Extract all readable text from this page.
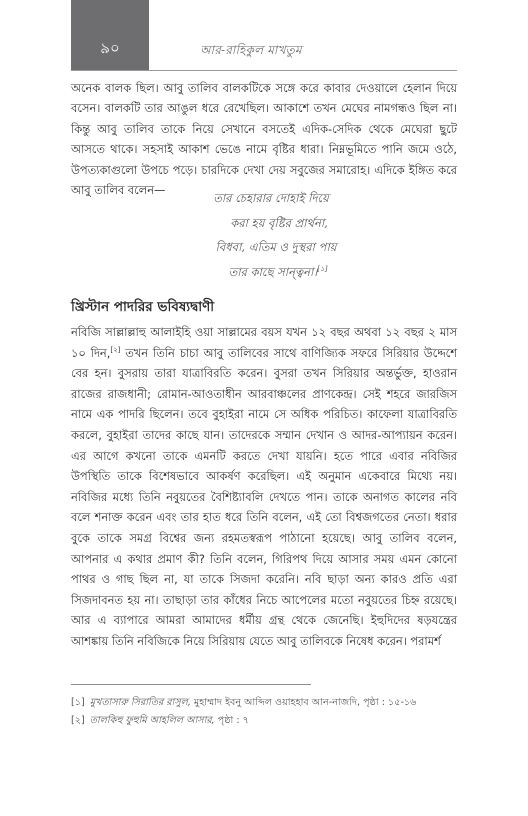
৯০	আর-রাহিকুল মাখতুম

অনেক বালক ছিল। আবু তালিব বালকটিকে সঙ্গে করে কাবার দেওয়ালে হেলান দিয়ে বসেন। বালকটি তার আঙুল ধরে রেখেছিল। আকাশে তখন মেঘের নামগন্ধও ছিল না। কিন্তু আবু তালিব তাকে নিয়ে সেখানে বসতেই এদিক-সেদিক থেকে মেঘেরা ছুটে আসতে থাকে। সহসাই আকাশ ভেঙে নামে বৃষ্টির ধারা। নিম্নভূমিতে পানি জমে ওঠে, উপত্যকাগুলো উপচে পড়ে। চারদিকে দেখা দেয় সবুজের সমারোহ। এদিকে ইঙ্গিত করে আবু তালিব বলেন—

তার চেহারার দোহাই দিয়ে
করা হয় বৃষ্টির প্রার্থনা,
বিধবা, এতিম ও দুস্থরা পায়
তার কাছে সান্ত্বনা।[১]
খ্রিস্টান পাদরির ভবিষ্যদ্বাণী

নবিজি সাল্লাল্লাহু আলাইহি ওয়া সাল্লামের বয়স যখন ১২ বছর অথবা ১২ বছর ২ মাস ১০ দিন,[২] তখন তিনি চাচা আবু তালিবের সাথে বাণিজ্যিক সফরে সিরিয়ার উদ্দেশে বের হন। বুসরায় তারা যাত্রাবিরতি করেন। বুসরা তখন সিরিয়ার অন্তর্ভুক্ত, হাওরান রাজের রাজধানী; রোমান-আওতাধীন আরবাঞ্চলের প্রাণকেন্দ্র। সেই শহরে জারজিস নামে এক পাদরি ছিলেন। তবে বুহাইরা নামে সে অধিক পরিচিত। কাফেলা যাত্রাবিরতি করলে, বুহাইরা তাদের কাছে যান। তাদেরকে সম্মান দেখান ও আদর-আপ্যায়ন করেন। এর আগে কখনো তাকে এমনটি করতে দেখা যায়নি। হতে পারে এবার নবিজির উপস্থিতি তাকে বিশেষভাবে আকর্ষণ করেছিল। এই অনুমান একেবারে মিথ্যে নয়। নবিজির মধ্যে তিনি নবুয়তের বৈশিষ্ট্যাবলি দেখতে পান। তাকে অনাগত কালের নবি বলে শনাক্ত করেন এবং তার হাত ধরে তিনি বলেন, এই তো বিশ্বজগতের নেতা। ধরার বুকে তাকে সমগ্র বিশ্বের জন্য রহমতস্বরূপ পাঠানো হয়েছে। আবু তালিব বলেন, আপনার এ কথার প্রমাণ কী? তিনি বলেন, গিরিপথ দিয়ে আসার সময় এমন কোনো পাথর ও গাছ ছিল না, যা তাকে সিজদা করেনি। নবি ছাড়া অন্য কারও প্রতি এরা সিজদাবনত হয় না। তাছাড়া তার কাঁধের নিচে আপেলের মতো নবুয়তের চিহ্ন রয়েছে। আর এ ব্যাপারে আমরা আমাদের ধর্মীয় গ্রন্থ থেকে জেনেছি। ইহুদিদের ষড়যন্ত্রের আশঙ্কায় তিনি নবিজিকে নিয়ে সিরিয়ায় যেতে আবু তালিবকে নিষেধ করেন। পরামর্শ

[১] মুখতাসারু সিরাতির রাসুল, মুহাম্মাদ ইবনু আব্দিল ওয়াহহাব আন-নাজদি, পৃষ্ঠা : ১৫-১৬
[২] তালকিহু ফুহুমি আহলিল আসার, পৃষ্ঠা : ৭
